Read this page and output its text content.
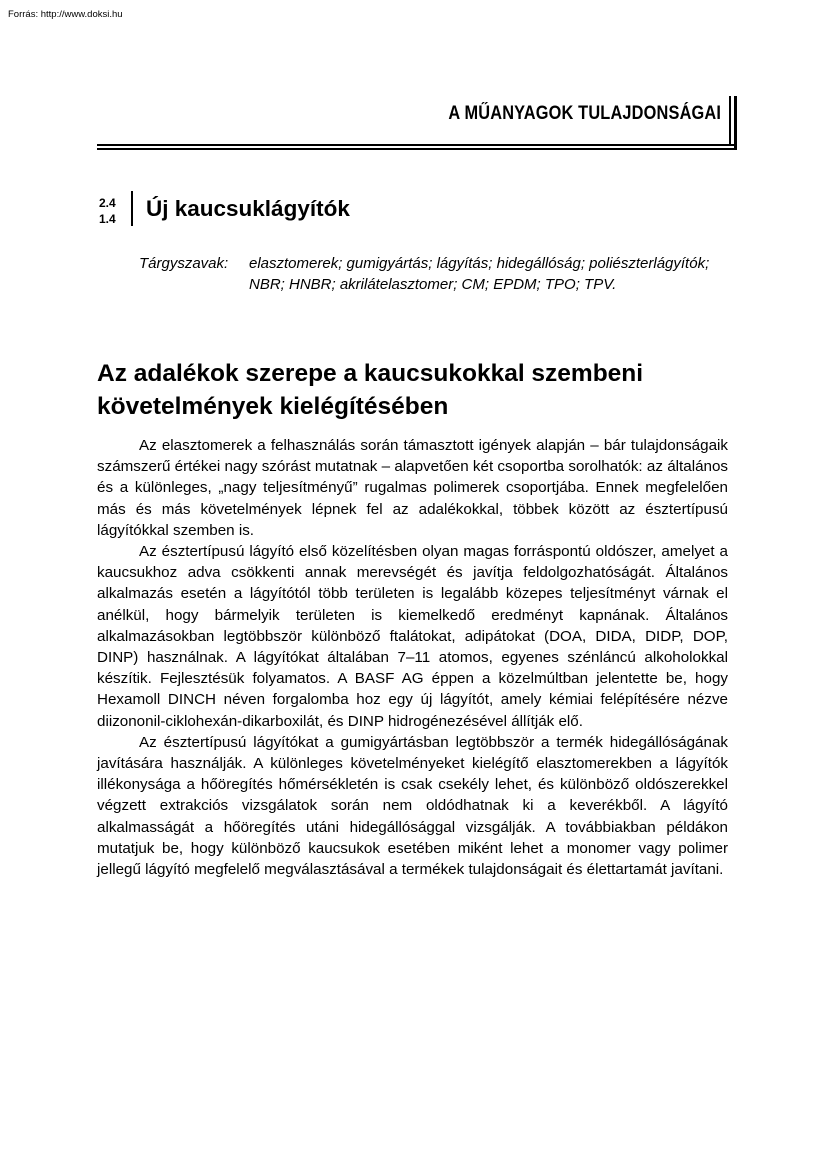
Forrás: http://www.doksi.hu
A MŰANYAGOK TULAJDONSÁGAI
2.4
1.4 Új kaucsuklágyítók
Tárgyszavak: elasztomerek; gumigyártás; lágyítás; hidegállóság; poliészterlágyítók; NBR; HNBR; akrilátelasztomer; CM; EPDM; TPO; TPV.
Az adalékok szerepe a kaucsukokkal szembeni követelmények kielégítésében

Az elasztomerek a felhasználás során támasztott igények alapján – bár tulajdonságaik számszerű értékei nagy szórást mutatnak – alapvetően két csoportba sorolhatók: az általános és a különleges, „nagy teljesítményű” rugalmas polimerek csoportjába. Ennek megfelelően más és más követelmények lépnek fel az adalékokkal, többek között az észtertípusú lágyítókkal szemben is.

Az észtertípusú lágyító első közelítésben olyan magas forráspontú oldószer, amelyet a kaucsukhoz adva csökkenti annak merevségét és javítja feldolgozhatóságát. Általános alkalmazás esetén a lágyítótól több területen is legalább közepes teljesítményt várnak el anélkül, hogy bármelyik területen is kiemelkedő eredményt kapnának. Általános alkalmazásokban legtöbbször különböző ftalátokat, adipátokat (DOA, DIDA, DIDP, DOP, DINP) használnak. A lágyítókat általában 7–11 atomos, egyenes szénláncú alkoholokkal készítik. Fejlesztésük folyamatos. A BASF AG éppen a közelmúltban jelentette be, hogy Hexamoll DINCH néven forgalomba hoz egy új lágyítót, amely kémiai felépítésére nézve diizononil-ciklohexán-dikarboxilát, és DINP hidrogénezésével állítják elő.

Az észtertípusú lágyítókat a gumigyártásban legtöbbször a termék hidegállóságának javítására használják. A különleges követelményeket kielégítő elasztomerekben a lágyítók illékonysága a hőöregítés hőmérsékletén is csak csekély lehet, és különböző oldószerekkel végzett extrakciós vizsgálatok során nem oldódhatnak ki a keverékből. A lágyító alkalmasságát a hőöregítés utáni hidegállósággal vizsgálják. A továbbiakban példákon mutatjuk be, hogy különböző kaucsukok esetében miként lehet a monomer vagy polimer jellegű lágyító megfelelő megválasztásával a termékek tulajdonságait és élettartamát javítani.
